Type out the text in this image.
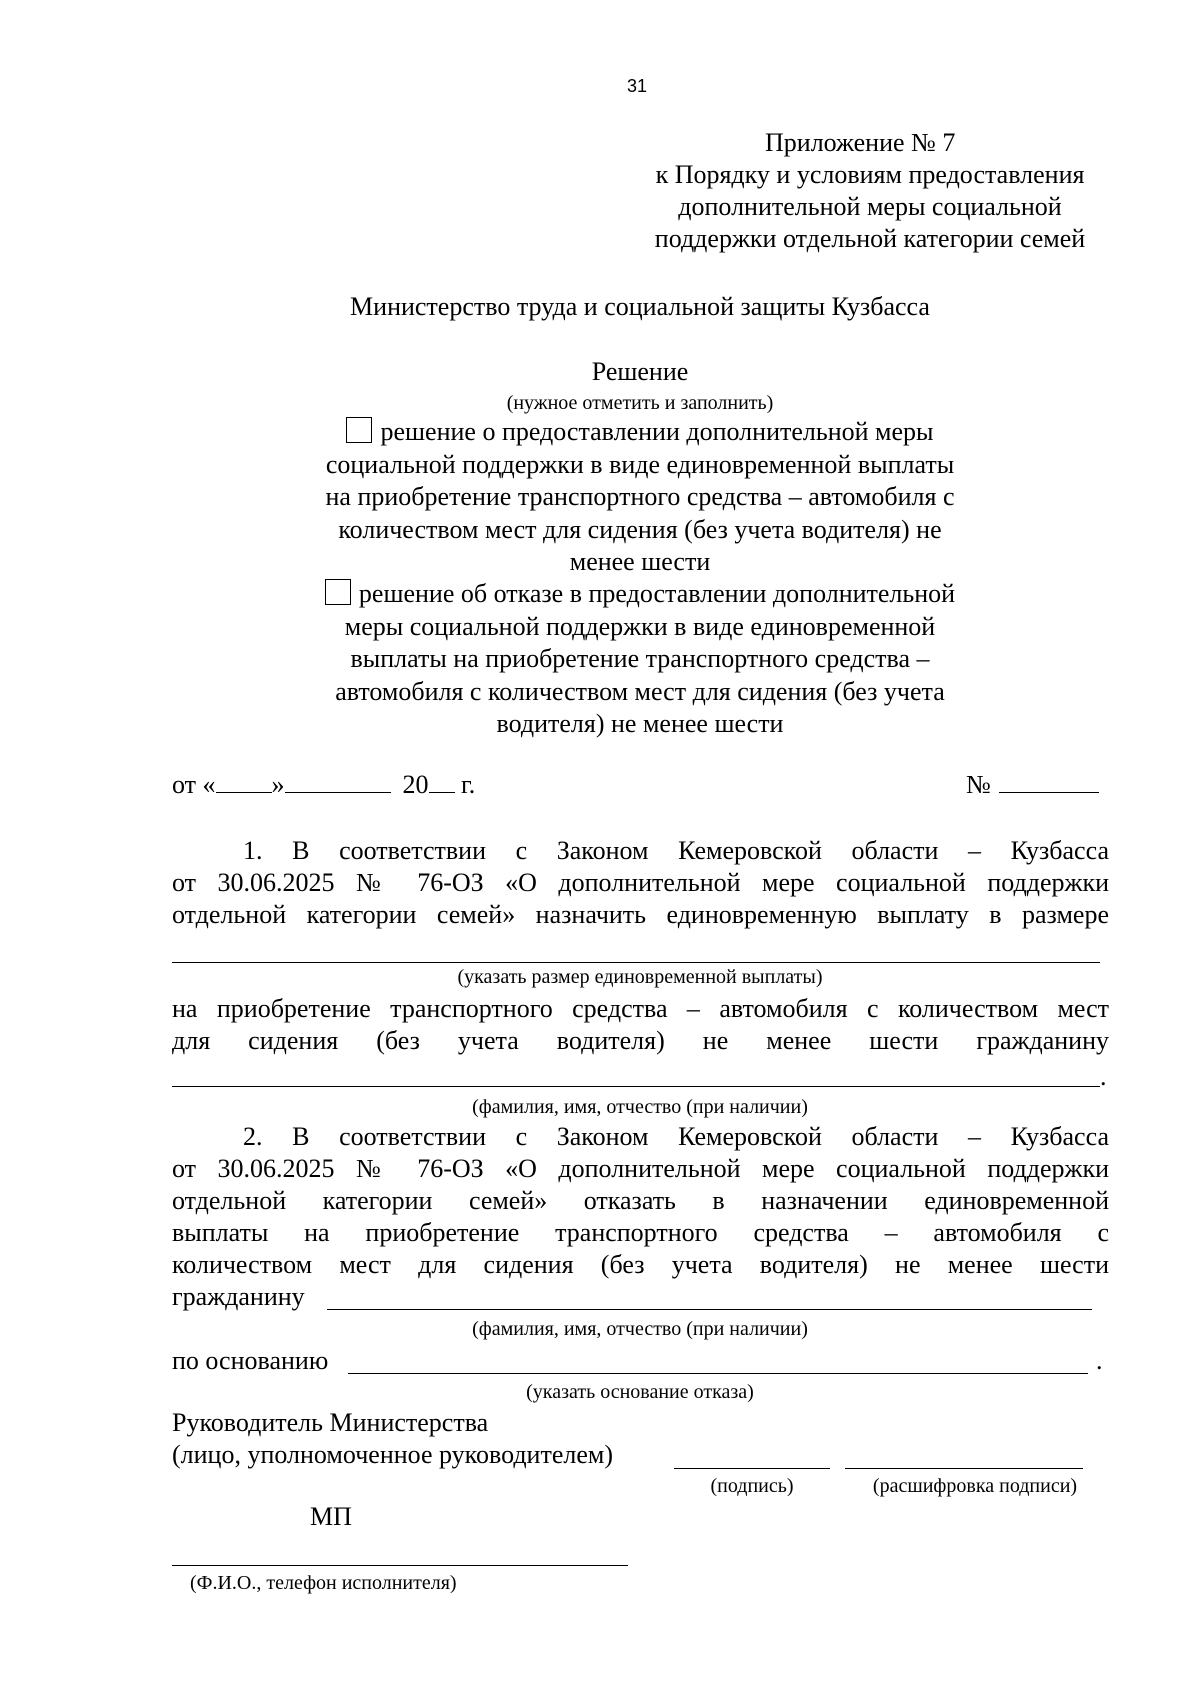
31
Приложение № 7
к Порядку и условиям предоставления
дополнительной меры социальной
поддержки отдельной категории семей
Министерство труда и социальной защиты Кузбасса
Решение
(нужное отметить и заполнить)
решение о предоставлении дополнительной меры
социальной поддержки в виде единовременной выплаты
на приобретение транспортного средства – автомобиля с
количеством мест для сидения (без учета водителя) не
менее шести
решение об отказе в предоставлении дополнительной
меры социальной поддержки в виде единовременной
выплаты на приобретение транспортного средства –
автомобиля с количеством мест для сидения (без учета
водителя) не менее шести
от « »	20 г.	№
1. В соответствии с Законом Кемеровской области – Кузбасса
от 30.06.2025 № 76-ОЗ «О дополнительной мере социальной поддержки
отдельной категории семей» назначить единовременную выплату в размере
(указать размер единовременной выплаты)
на приобретение транспортного средства – автомобиля с количеством мест
для сидения (без учета водителя) не менее шести гражданину
.
(фамилия, имя, отчество (при наличии)
2. В соответствии с Законом Кемеровской области – Кузбасса
от 30.06.2025 № 76-ОЗ «О дополнительной мере социальной поддержки
отдельной категории семей» отказать в назначении единовременной
выплаты на приобретение транспортного средства – автомобиля с
количеством мест для сидения (без учета водителя) не менее шести
гражданину
(фамилия, имя, отчество (при наличии)
по основанию	.
(указать основание отказа)
Руководитель Министерства
(лицо, уполномоченное руководителем)
(подпись)	(расшифровка подписи)
МП
(Ф.И.О., телефон исполнителя)
